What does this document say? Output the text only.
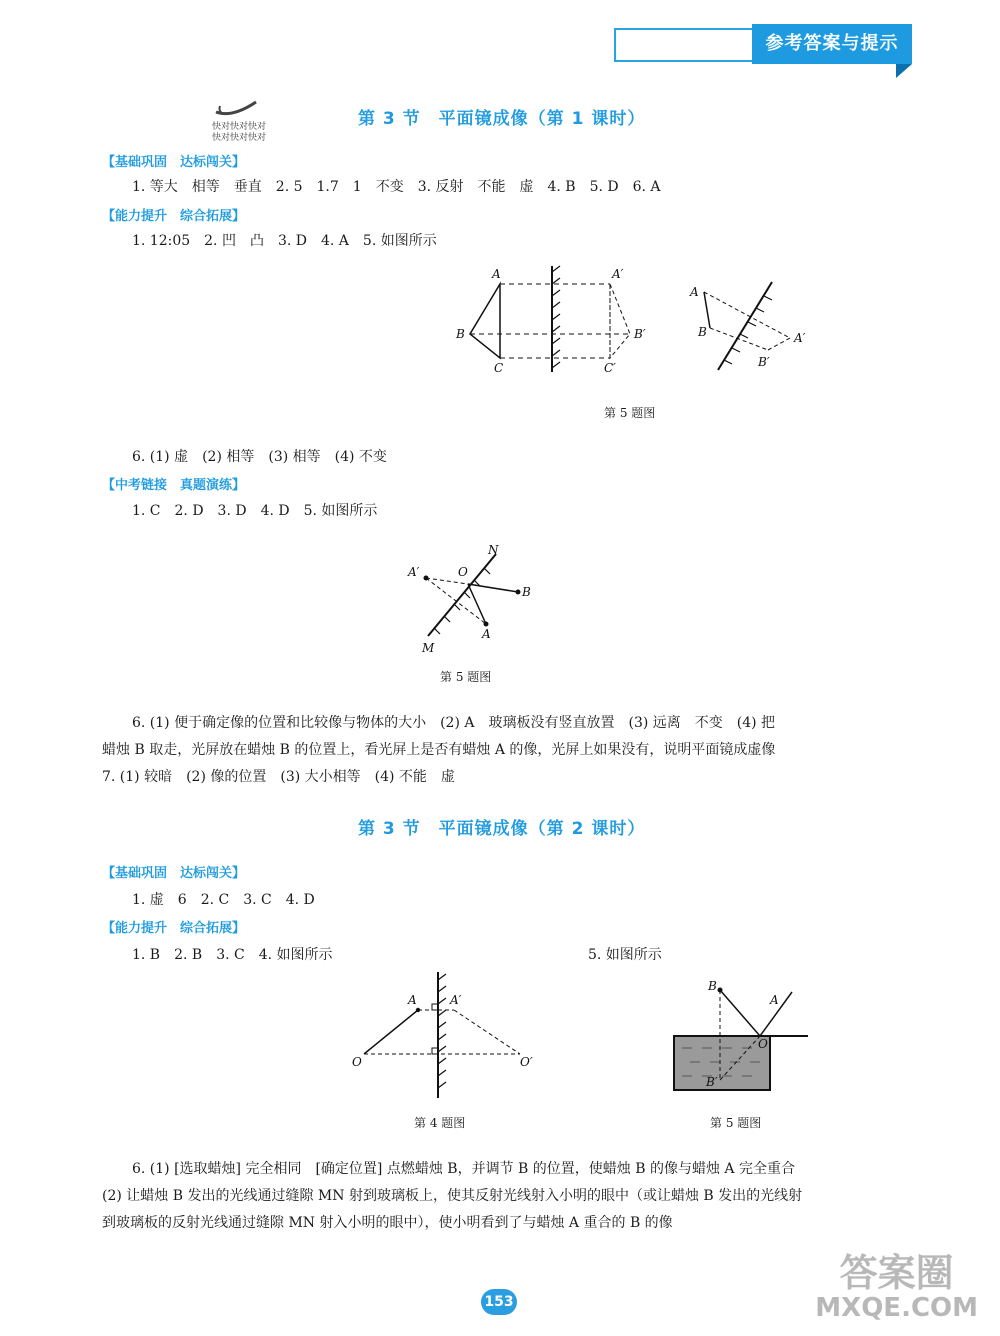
参考答案与提示
快对快对快对
快对快对快对
第 3 节　平面镜成像（第 1 课时）
【基础巩固　达标闯关】
1. 等大　相等　垂直　2. 5　1.7　1　不变　3. 反射　不能　虚　4. B　5. D　6. A
【能力提升　综合拓展】
1. 12:05　2. 凹　凸　3. D　4. A　5. 如图所示
A
B
C
A′
B′
C′
A
B	A′
B′
第 5 题图
6. (1) 虚　(2) 相等　(3) 相等　(4) 不变
【中考链接　真题演练】
1. C　2. D　3. D　4. D　5. 如图所示
A′	O
N
B
A
M
第 5 题图
6. (1) 便于确定像的位置和比较像与物体的大小　(2) A　玻璃板没有竖直放置　(3) 远离　不变　(4) 把
蜡烛 B 取走，光屏放在蜡烛 B 的位置上，看光屏上是否有蜡烛 A 的像，光屏上如果没有，说明平面镜成虚像
7. (1) 较暗　(2) 像的位置　(3) 大小相等　(4) 不能　虚
第 3 节　平面镜成像（第 2 课时）
【基础巩固　达标闯关】
1. 虚　6　2. C　3. C　4. D
【能力提升　综合拓展】
1. B　2. B　3. C　4. 如图所示	5. 如图所示
A	A′
O	O′
B
A
O
B′
第 4 题图	第 5 题图
6. (1) [选取蜡烛] 完全相同　[确定位置] 点燃蜡烛 B，并调节 B 的位置，使蜡烛 B 的像与蜡烛 A 完全重合
(2) 让蜡烛 B 发出的光线通过缝隙 MN 射到玻璃板上，使其反射光线射入小明的眼中（或让蜡烛 B 发出的光线射
到玻璃板的反射光线通过缝隙 MN 射入小明的眼中），使小明看到了与蜡烛 A 重合的 B 的像
153
答案圈
MXQE.COM
